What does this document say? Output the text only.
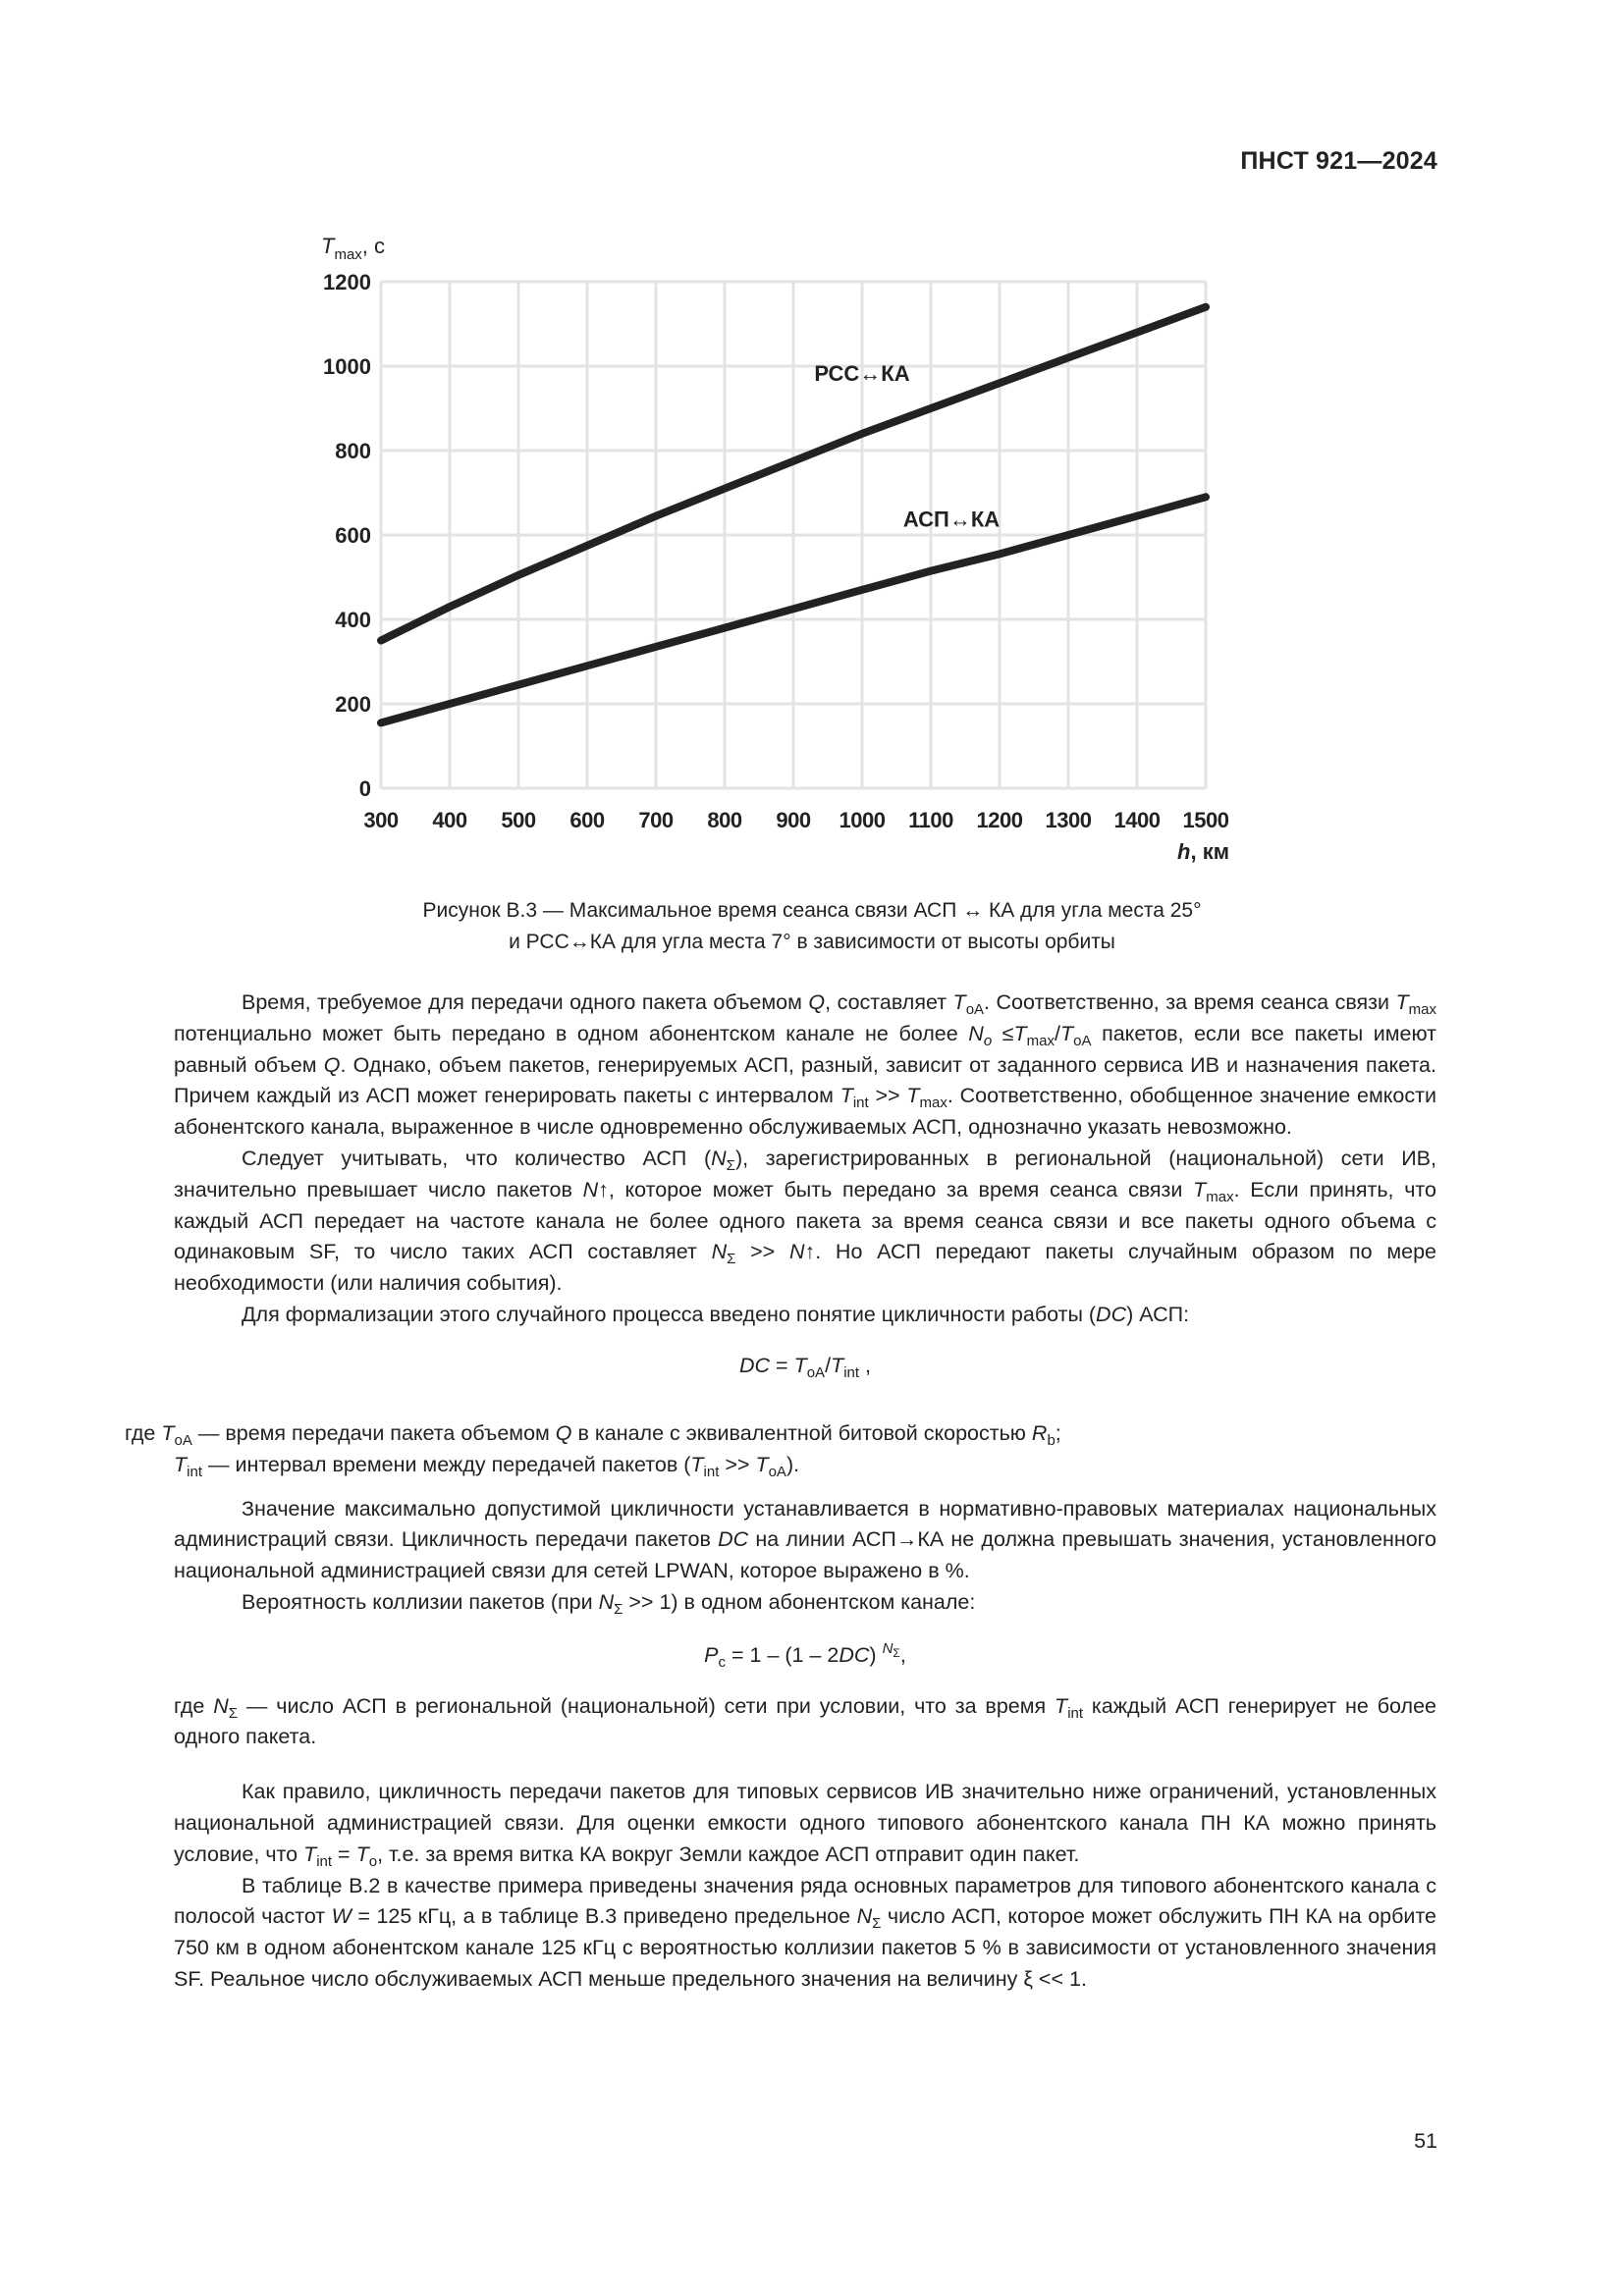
ПНСТ 921—2024
0
200
400
600
800
1000
1200
300 400 500 600 700 800 900 1000 1100 1200 1300 1400 1500
РСС↔КА
АСП↔КА
$T_{max}$, с
h, км
Рисунок В.3 — Максимальное время сеанса связи АСП ↔ КА для угла места 25°
и РСС↔КА для угла места 7° в зависимости от высоты орбиты

Время, требуемое для передачи одного пакета объемом Q, составляет $T_{oA}$. Соответственно, за время сеанса связи $T_{max}$ потенциально может быть передано в одном абонентском канале не более $N_o \le T_{max}/T_{oA}$ пакетов, если все пакеты имеют равный объем Q. Однако, объем пакетов, генерируемых АСП, разный, зависит от заданного сервиса ИВ и назначения пакета. Причем каждый из АСП может генерировать пакеты с интервалом $T_{int} >> T_{max}$. Соответственно, обобщенное значение емкости абонентского канала, выраженное в числе одновременно обслуживаемых АСП, однозначно указать невозможно.

Следует учитывать, что количество АСП $(N_\Sigma)$, зарегистрированных в региональной (национальной) сети ИВ, значительно превышает число пакетов N↑, которое может быть передано за время сеанса связи $T_{max}$. Если принять, что каждый АСП передает на частоте канала не более одного пакета за время сеанса связи и все пакеты одного объема с одинаковым SF, то число таких АСП составляет $N_\Sigma$ >> N↑. Но АСП передают пакеты случайным образом по мере необходимости (или наличия события).

Для формализации этого случайного процесса введено понятие цикличности работы (DC) АСП:

DC = $T_{oA}/T_{int}$ ,

где $T_{oA}$ — время передачи пакета объемом Q в канале с эквивалентной битовой скоростью $R_b$;
$T_{int}$ — интервал времени между передачей пакетов $(T_{int} >> T_{oA})$.

Значение максимально допустимой цикличности устанавливается в нормативно-правовых материалах национальных администраций связи. Цикличность передачи пакетов DC на линии АСП→КА не должна превышать значения, установленного национальной администрацией связи для сетей LPWAN, которое выражено в %.

Вероятность коллизии пакетов (при $N_\Sigma >> 1$) в одном абонентском канале:

$P_c = 1 - (1 - 2DC)$ $^{N_\Sigma}$,

где $N_\Sigma$ — число АСП в региональной (национальной) сети при условии, что за время $T_{int}$ каждый АСП генерирует не более одного пакета.

Как правило, цикличность передачи пакетов для типовых сервисов ИВ значительно ниже ограничений, установленных национальной администрацией связи. Для оценки емкости одного типового абонентского канала ПН КА можно принять условие, что $T_{int} = T_o$, т.е. за время витка КА вокруг Земли каждое АСП отправит один пакет.

В таблице В.2 в качестве примера приведены значения ряда основных параметров для типового абонентского канала с полосой частот W = 125 кГц, а в таблице В.3 приведено предельное $N_\Sigma$ число АСП, которое может обслужить ПН КА на орбите 750 км в одном абонентском канале 125 кГц с вероятностью коллизии пакетов 5 % в зависимости от установленного значения SF. Реальное число обслуживаемых АСП меньше предельного значения на величину ξ << 1.

51
